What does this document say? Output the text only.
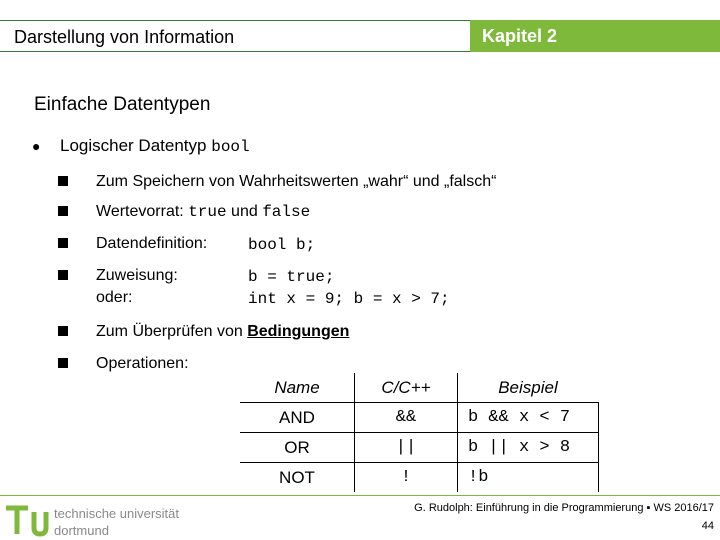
Darstellung von Information	Kapitel 2
Einfache Datentypen
● Logischer Datentyp bool
Zum Speichern von Wahrheitswerten „wahr“ und „falsch“
Wertevorrat: true und false
Datendefinition:	bool b;
Zuweisung:	b = true;
oder:	int x = 9; b = x > 7;
Zum Überprüfen von Bedingungen
Operationen:
Name	C/C++	Beispiel
AND	&&	b && x < 7
OR	||	b || x > 8
NOT	!	!b
technische universität
dortmund
G. Rudolph: Einführung in die Programmierung ▪ WS 2016/17
44
